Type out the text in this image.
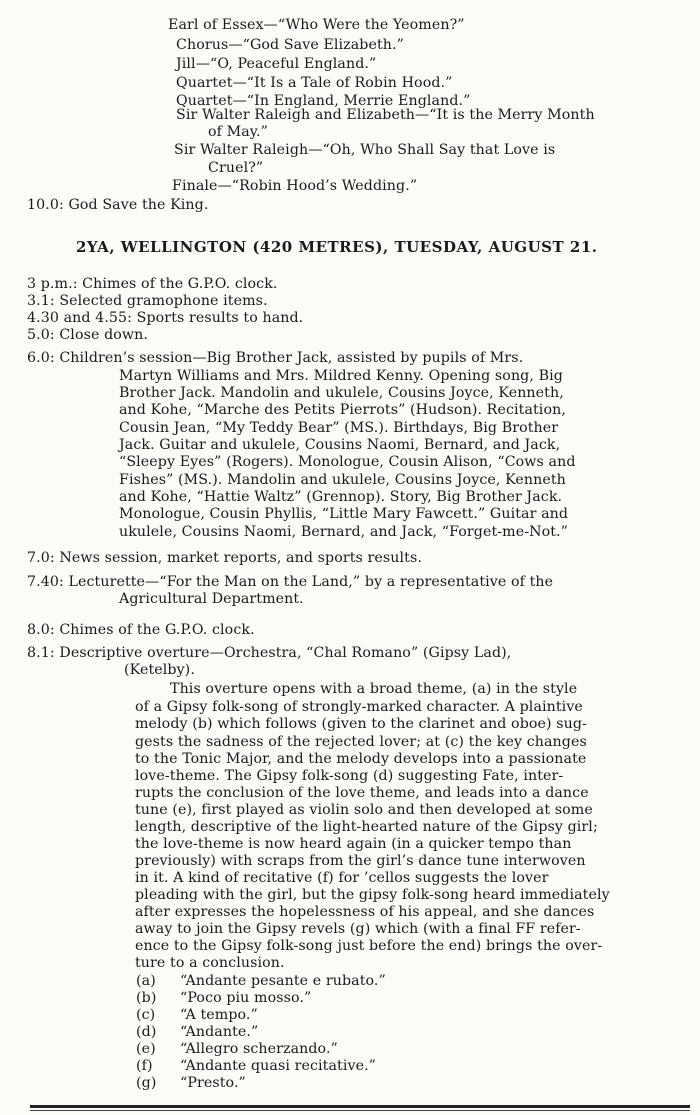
Earl of Essex—“Who Were the Yeomen?”
Chorus—“God Save Elizabeth.”
Jill—“O, Peaceful England.”
Quartet—“It Is a Tale of Robin Hood.”
Quartet—“In England, Merrie England.”
Sir Walter Raleigh and Elizabeth—“It is the Merry Month
of May.”
Sir Walter Raleigh—“Oh, Who Shall Say that Love is
Cruel?”
Finale—“Robin Hood’s Wedding.”
10.0: God Save the King.
2YA, WELLINGTON (420 METRES), TUESDAY, AUGUST 21.
3 p.m.: Chimes of the G.P.O. clock.
3.1: Selected gramophone items.
4.30 and 4.55: Sports results to hand.
5.0: Close down.
6.0: Children’s session—Big Brother Jack, assisted by pupils of Mrs.
Martyn Williams and Mrs. Mildred Kenny. Opening song, Big
Brother Jack. Mandolin and ukulele, Cousins Joyce, Kenneth,
and Kohe, “Marche des Petits Pierrots” (Hudson). Recitation,
Cousin Jean, “My Teddy Bear” (MS.). Birthdays, Big Brother
Jack. Guitar and ukulele, Cousins Naomi, Bernard, and Jack,
“Sleepy Eyes” (Rogers). Monologue, Cousin Alison, “Cows and
Fishes” (MS.). Mandolin and ukulele, Cousins Joyce, Kenneth
and Kohe, “Hattie Waltz” (Grennop). Story, Big Brother Jack.
Monologue, Cousin Phyllis, “Little Mary Fawcett.” Guitar and
ukulele, Cousins Naomi, Bernard, and Jack, “Forget-me-Not.”
7.0: News session, market reports, and sports results.
7.40: Lecturette—“For the Man on the Land,” by a representative of the
Agricultural Department.
8.0: Chimes of the G.P.O. clock.
8.1: Descriptive overture—Orchestra, “Chal Romano” (Gipsy Lad),
(Ketelby).
This overture opens with a broad theme, (a) in the style
of a Gipsy folk-song of strongly-marked character. A plaintive
melody (b) which follows (given to the clarinet and oboe) sug-
gests the sadness of the rejected lover; at (c) the key changes
to the Tonic Major, and the melody develops into a passionate
love-theme. The Gipsy folk-song (d) suggesting Fate, inter-
rupts the conclusion of the love theme, and leads into a dance
tune (e), first played as violin solo and then developed at some
length, descriptive of the light-hearted nature of the Gipsy girl;
the love-theme is now heard again (in a quicker tempo than
previously) with scraps from the girl’s dance tune interwoven
in it. A kind of recitative (f) for ’cellos suggests the lover
pleading with the girl, but the gipsy folk-song heard immediately
after expresses the hopelessness of his appeal, and she dances
away to join the Gipsy revels (g) which (with a final FF refer-
ence to the Gipsy folk-song just before the end) brings the over-
ture to a conclusion.
(a) “Andante pesante e rubato.”
(b) “Poco piu mosso.”
(c) “A tempo.”
(d) “Andante.”
(e) “Allegro scherzando.”
(f) “Andante quasi recitative.”
(g) “Presto.”
